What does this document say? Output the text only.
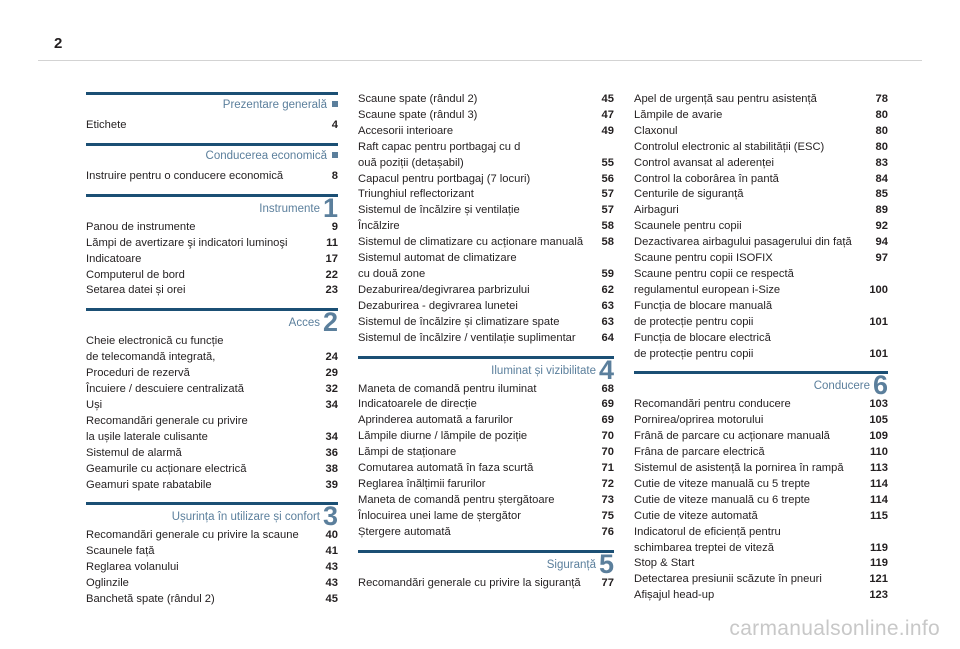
2
Prezentare generală
Etichete	4
Conducerea economică
Instruire pentru o conducere economică	8
Instrumente 1
Panou de instrumente	9
Lămpi de avertizare şi indicatori luminoşi	11
Indicatoare	17
Computerul de bord	22
Setarea datei și orei	23
Acces 2
Cheie electronică cu funcție
de telecomandă integrată,	24
Proceduri de rezervă	29
Încuiere / descuiere centralizată	32
Uși	34
Recomandări generale cu privire
la ușile laterale culisante	34
Sistemul de alarmă	36
Geamurile cu acționare electrică	38
Geamuri spate rabatabile	39
Ușurința în utilizare și confort 3
Recomandări generale cu privire la scaune 40
Scaunele față	41
Reglarea volanului	43
Oglinzile	43
Banchetă spate (rândul 2)	45
Scaune spate (rândul 2)	45
Scaune spate (rândul 3)	47
Accesorii interioare	49
Raft capac pentru portbagaj cu d
ouă poziții (detașabil)	55
Capacul pentru portbagaj (7 locuri)	56
Triunghiul reflectorizant	57
Sistemul de încălzire și ventilație	57
Încălzire	58
Sistemul de climatizare cu acționare manuală 58
Sistemul automat de climatizare
cu două zone	59
Dezaburirea/degivrarea parbrizului	62
Dezaburirea - degivrarea lunetei	63
Sistemul de încălzire și climatizare spate	63
Sistemul de încălzire / ventilație suplimentar 64
Iluminat și vizibilitate 4
Maneta de comandă pentru iluminat	68
Indicatoarele de direcție	69
Aprinderea automată a farurilor	69
Lămpile diurne / lămpile de poziție	70
Lămpi de staționare	70
Comutarea automată în faza scurtă	71
Reglarea înălțimii farurilor	72
Maneta de comandă pentru ștergătoare	73
Înlocuirea unei lame de ștergător	75
Ștergere automată	76
Siguranță 5
Recomandări generale cu privire la siguranță 77
Apel de urgență sau pentru asistență	78
Lămpile de avarie	80
Claxonul	80
Controlul electronic al stabilității (ESC)	80
Control avansat al aderenței	83
Control la coborârea în pantă	84
Centurile de siguranță	85
Airbaguri	89
Scaunele pentru copii	92
Dezactivarea airbagului pasagerului din față 94
Scaune pentru copii ISOFIX	97
Scaune pentru copii ce respectă
regulamentul european i-Size	100
Funcția de blocare manuală
de protecție pentru copii	101
Funcția de blocare electrică
de protecție pentru copii	101
Conducere 6
Recomandări pentru conducere	103
Pornirea/oprirea motorului	105
Frână de parcare cu acționare manuală	109
Frâna de parcare electrică	110
Sistemul de asistență la pornirea în rampă 113
Cutie de viteze manuală cu 5 trepte	114
Cutie de viteze manuală cu 6 trepte	114
Cutie de viteze automată	115
Indicatorul de eficiență pentru
schimbarea treptei de viteză	119
Stop & Start	119
Detectarea presiunii scăzute în pneuri	121
Afișajul head-up	123
carmanualsonline.info
